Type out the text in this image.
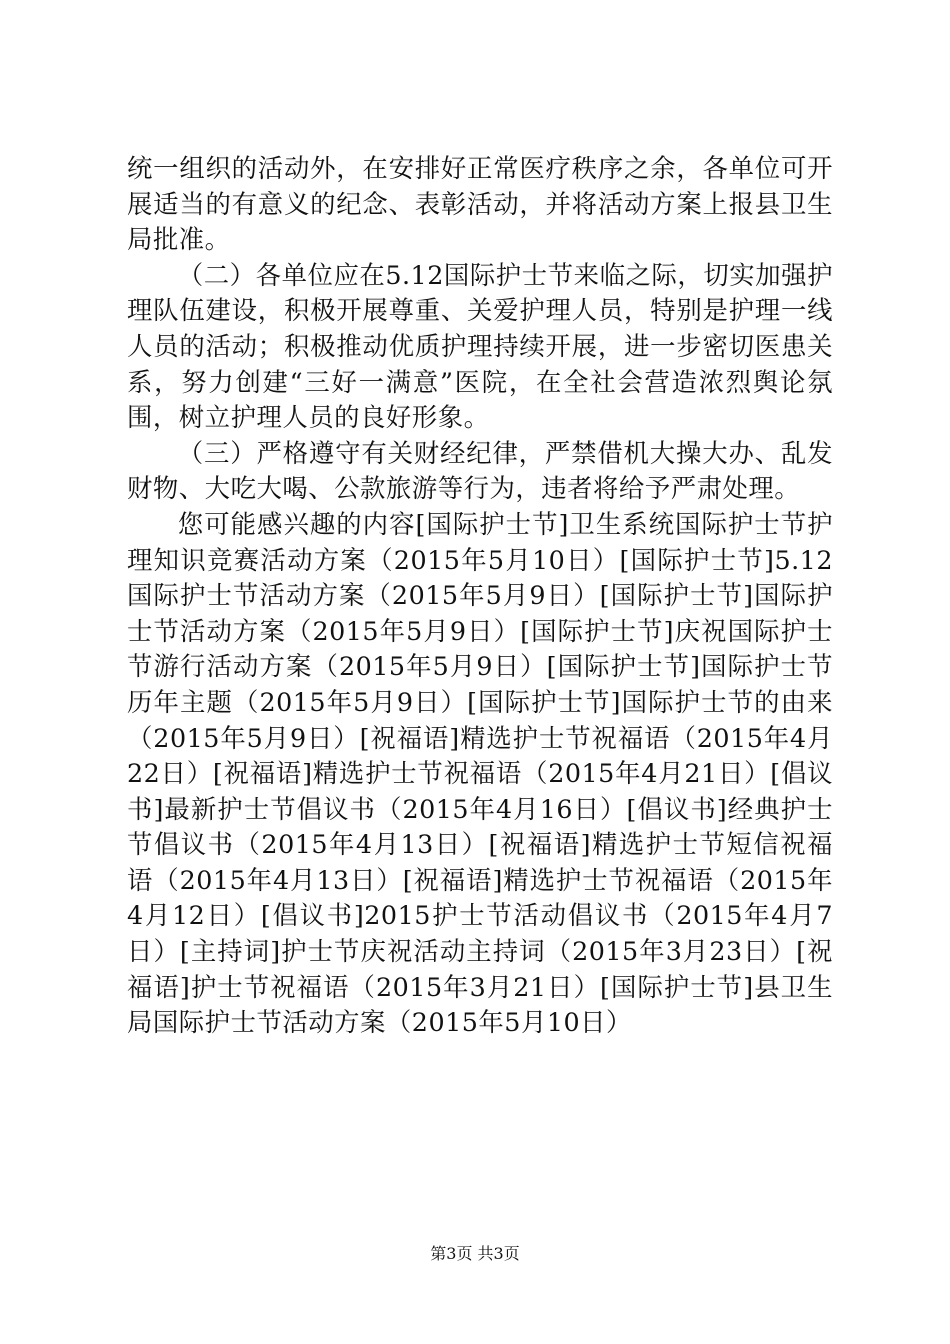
统一组织的活动外，在安排好正常医疗秩序之余，各单位可开展适当的有意义的纪念、表彰活动，并将活动方案上报县卫生局批准。

（二）各单位应在5.12国际护士节来临之际，切实加强护理队伍建设，积极开展尊重、关爱护理人员，特别是护理一线人员的活动；积极推动优质护理持续开展，进一步密切医患关系，努力创建“三好一满意”医院，在全社会营造浓烈舆论氛围，树立护理人员的良好形象。

（三）严格遵守有关财经纪律，严禁借机大操大办、乱发财物、大吃大喝、公款旅游等行为，违者将给予严肃处理。

您可能感兴趣的内容[国际护士节]卫生系统国际护士节护理知识竞赛活动方案（2015年5月10日）[国际护士节]5.12国际护士节活动方案（2015年5月9日）[国际护士节]国际护士节活动方案（2015年5月9日）[国际护士节]庆祝国际护士节游行活动方案（2015年5月9日）[国际护士节]国际护士节历年主题（2015年5月9日）[国际护士节]国际护士节的由来（2015年5月9日）[祝福语]精选护士节祝福语（2015年4月22日）[祝福语]精选护士节祝福语（2015年4月21日）[倡议书]最新护士节倡议书（2015年4月16日）[倡议书]经典护士节倡议书（2015年4月13日）[祝福语]精选护士节短信祝福语（2015年4月13日）[祝福语]精选护士节祝福语（2015年4月12日）[倡议书]2015护士节活动倡议书（2015年4月7日）[主持词]护士节庆祝活动主持词（2015年3月23日）[祝福语]护士节祝福语（2015年3月21日）[国际护士节]县卫生局国际护士节活动方案（2015年5月10日）

第3页 共3页
